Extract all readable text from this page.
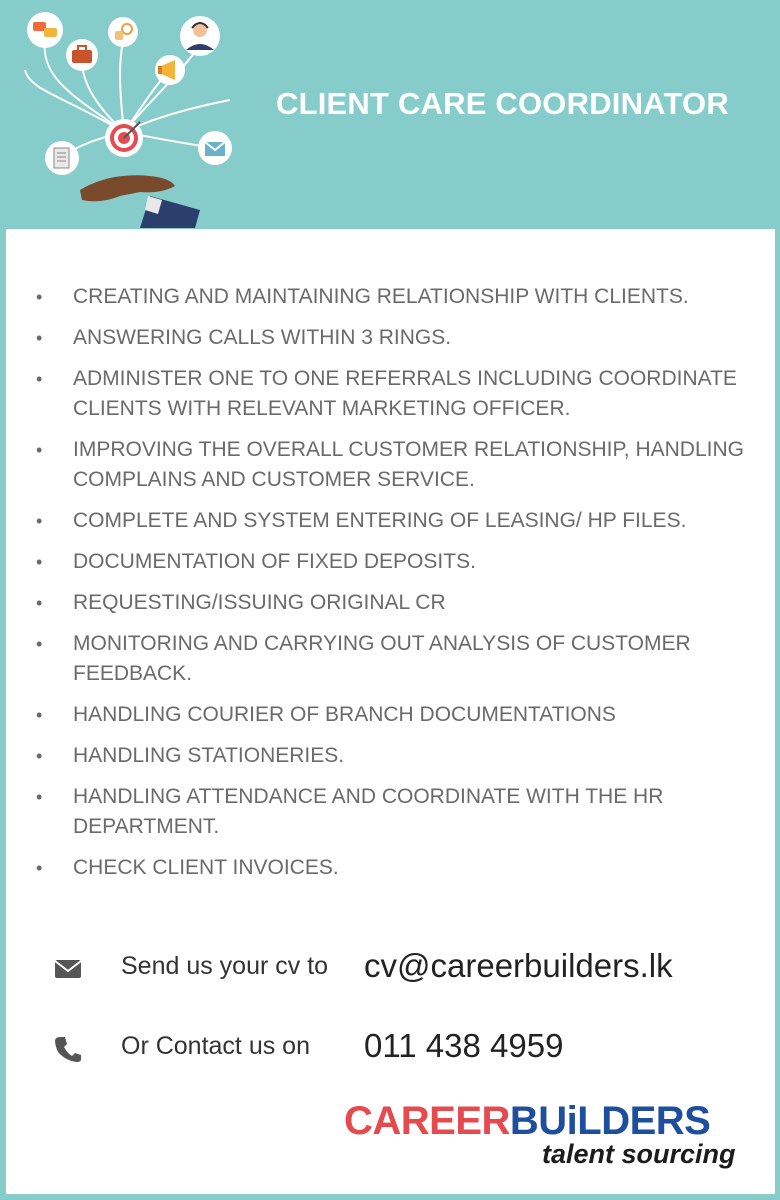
CLIENT CARE COORDINATOR
• CREATING AND MAINTAINING RELATIONSHIP WITH CLIENTS.
• ANSWERING CALLS WITHIN 3 RINGS.
• ADMINISTER ONE TO ONE REFERRALS INCLUDING COORDINATE CLIENTS WITH RELEVANT MARKETING OFFICER.
• IMPROVING THE OVERALL CUSTOMER RELATIONSHIP, HANDLING COMPLAINS AND CUSTOMER SERVICE.
• COMPLETE AND SYSTEM ENTERING OF LEASING/ HP FILES.
• DOCUMENTATION OF FIXED DEPOSITS.
• REQUESTING/ISSUING ORIGINAL CR
• MONITORING AND CARRYING OUT ANALYSIS OF CUSTOMER FEEDBACK.
• HANDLING COURIER OF BRANCH DOCUMENTATIONS
• HANDLING STATIONERIES.
• HANDLING ATTENDANCE AND COORDINATE WITH THE HR DEPARTMENT.
• CHECK CLIENT INVOICES.
Send us your cv to cv@careerbuilders.lk
Or Contact us on 011 438 4959
CAREERBUiLDERS
talent sourcing
